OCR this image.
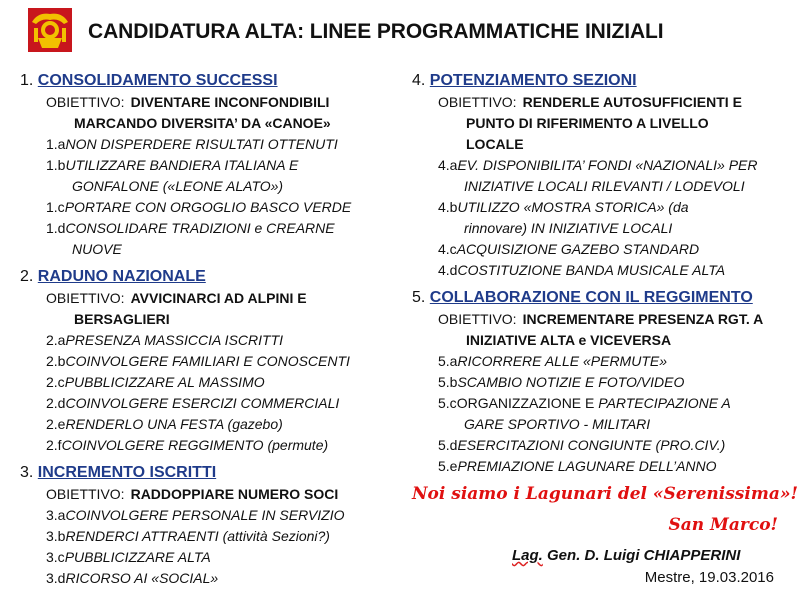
CANDIDATURA ALTA: LINEE PROGRAMMATICHE INIZIALI
1. CONSOLIDAMENTO SUCCESSI
OBIETTIVO: DIVENTARE INCONFONDIBILI
MARCANDO DIVERSITA’ DA «CANOE»
1.aNON DISPERDERE RISULTATI OTTENUTI
1.bUTILIZZARE BANDIERA ITALIANA E
GONFALONE («LEONE ALATO»)
1.cPORTARE CON ORGOGLIO BASCO VERDE
1.dCONSOLIDARE TRADIZIONI e CREARNE
NUOVE
2. RADUNO NAZIONALE
OBIETTIVO: AVVICINARCI AD ALPINI E
BERSAGLIERI
2.aPRESENZA MASSICCIA ISCRITTI
2.bCOINVOLGERE FAMILIARI E CONOSCENTI
2.cPUBBLICIZZARE AL MASSIMO
2.dCOINVOLGERE ESERCIZI COMMERCIALI
2.eRENDERLO UNA FESTA (gazebo)
2.fCOINVOLGERE REGGIMENTO (permute)
3. INCREMENTO ISCRITTI
OBIETTIVO: RADDOPPIARE NUMERO SOCI
3.aCOINVOLGERE PERSONALE IN SERVIZIO
3.bRENDERCI ATTRAENTI (attività Sezioni?)
3.cPUBBLICIZZARE ALTA
3.dRICORSO AI «SOCIAL»
4. POTENZIAMENTO SEZIONI
OBIETTIVO: RENDERLE AUTOSUFFICIENTI E
PUNTO DI RIFERIMENTO A LIVELLO
LOCALE
4.aEV. DISPONIBILITA’ FONDI «NAZIONALI» PER
INIZIATIVE LOCALI RILEVANTI / LODEVOLI
4.bUTILIZZO «MOSTRA STORICA» (da
rinnovare) IN INIZIATIVE LOCALI
4.cACQUISIZIONE GAZEBO STANDARD
4.dCOSTITUZIONE BANDA MUSICALE ALTA
5. COLLABORAZIONE CON IL REGGIMENTO
OBIETTIVO: INCREMENTARE PRESENZA RGT. A
INIZIATIVE ALTA e VICEVERSA
5.aRICORRERE ALLE «PERMUTE»
5.bSCAMBIO NOTIZIE E FOTO/VIDEO
5.cORGANIZZAZIONE E PARTECIPAZIONE A
GARE SPORTIVO - MILITARI
5.dESERCITAZIONI CONGIUNTE (PRO.CIV.)
5.ePREMIAZIONE LAGUNARE DELL’ANNO
Noi siamo i Lagunari del «Serenissima»!
San Marco!
Lag. Gen. D. Luigi CHIAPPERINI
Mestre, 19.03.2016
